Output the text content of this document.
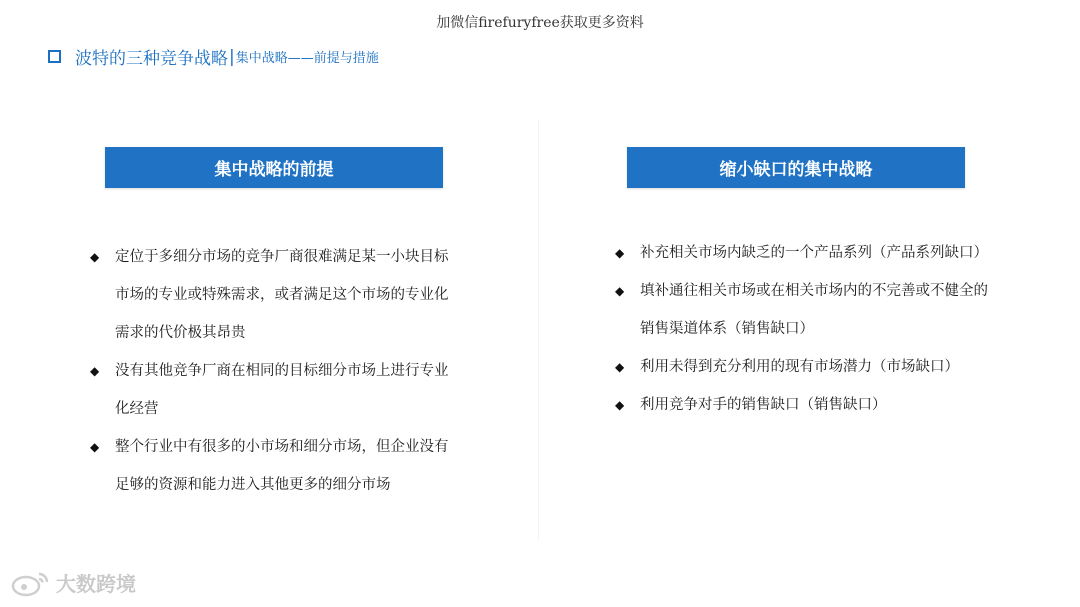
加微信firefuryfree获取更多资料
波特的三种竞争战略 | 集中战略——前提与措施
集中战略的前提	缩小缺口的集中战略
◆ 定位于多细分市场的竞争厂商很难满足某一小块目标市场的专业或特殊需求，或者满足这个市场的专业化需求的代价极其昂贵
◆ 没有其他竞争厂商在相同的目标细分市场上进行专业化经营
◆ 整个行业中有很多的小市场和细分市场，但企业没有足够的资源和能力进入其他更多的细分市场
◆ 补充相关市场内缺乏的一个产品系列（产品系列缺口）
◆ 填补通往相关市场或在相关市场内的不完善或不健全的销售渠道体系（销售缺口）
◆ 利用未得到充分利用的现有市场潜力（市场缺口）
◆ 利用竞争对手的销售缺口（销售缺口）
大数跨境
